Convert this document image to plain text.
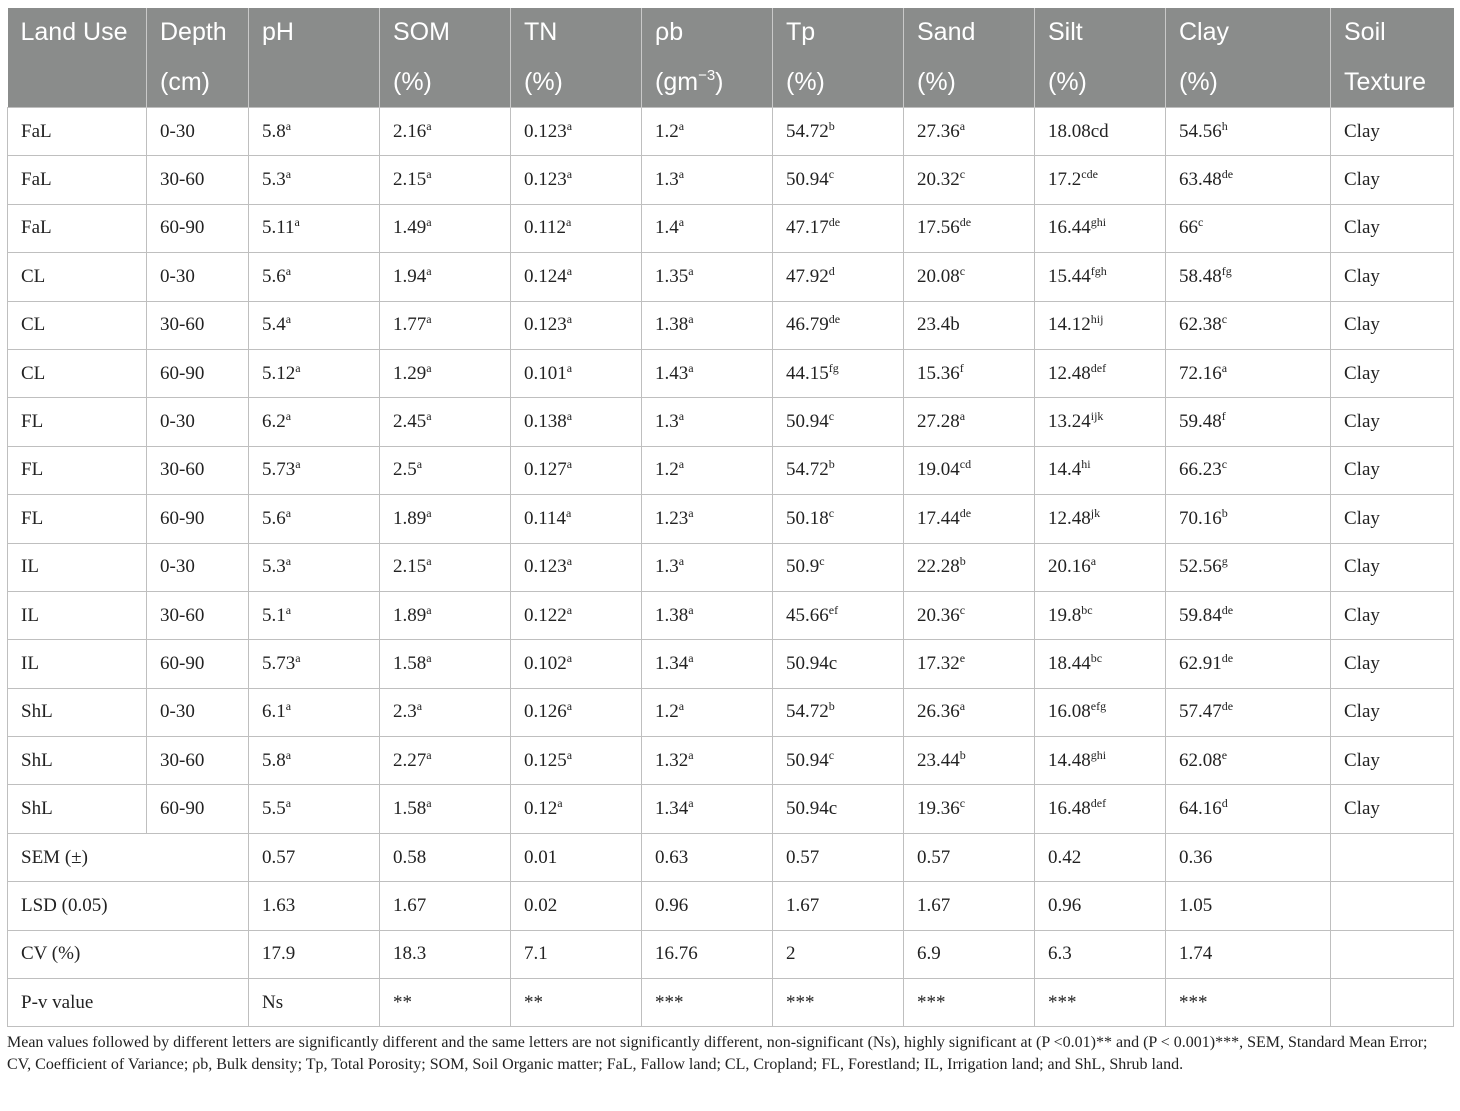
Land Use	Depth	pH	SOM	TN	ρb	Tp	Sand	Silt	Clay	Soil
	(cm)		(%)	(%)	$(gm^{-3})$	(%)	(%)	(%)	(%)	Texture
FaL	0-30	5.8$^a$	2.16$^a$	0.123$^a$	1.2$^a$	54.72$^b$	27.36$^a$	18.08cd	54.56$^h$	Clay
FaL	30-60	5.3$^a$	2.15$^a$	0.123$^a$	1.3$^a$	50.94$^c$	20.32$^c$	17.2$^{cde}$	63.48de	Clay
FaL	60-90	5.11$^a$	1.49$^a$	0.112$^a$	1.4$^a$	47.17de	17.56de	$16.44^{ghi}$	66$^c$	Clay
CL	0-30	5.6$^a$	1.94$^a$	0.124$^a$	1.35$^a$	47.92$^d$	20.08$^c$	15.44$^{fgh}$	58.48$^{fg}$	Clay
CL	30-60	5.4$^a$	1.77$^a$	0.123$^a$	1.38$^a$	46.79de	23.4b	$14.12^{hij}$	62.38$^c$	Clay
CL	60-90	5.12$^a$	1.29$^a$	0.101$^a$	1.43$^a$	44.15$^{fg}$	15.36$^f$	12.48$^{def}$	72.16$^a$	Clay
FL	0-30	6.2$^a$	2.45$^a$	0.138$^a$	1.3$^a$	50.94$^c$	27.28$^a$	$13.24^{ijk}$	59.48$^f$	Clay
FL	30-60	5.73$^a$	2.5$^a$	0.127$^a$	1.2$^a$	54.72$^b$	19.04$^{cd}$	$14.4^{hi}$	66.23$^c$	Clay
FL	60-90	5.6$^a$	1.89$^a$	0.114$^a$	1.23$^a$	50.18$^c$	17.44de	$12.48^{jk}$	70.16$^b$	Clay
IL	0-30	5.3$^a$	2.15$^a$	0.123$^a$	1.3$^a$	50.9$^c$	22.28$^b$	20.16$^a$	52.56$^g$	Clay
IL	30-60	5.1$^a$	1.89$^a$	0.122$^a$	1.38$^a$	45.66$^{ef}$	20.36$^c$	19.8$^{bc}$	59.84de	Clay
IL	60-90	5.73$^a$	1.58$^a$	0.102$^a$	1.34$^a$	50.94c	17.32e	18.44$^{bc}$	62.91de	Clay
ShL	0-30	6.1$^a$	2.3$^a$	0.126$^a$	1.2$^a$	54.72$^b$	26.36$^a$	16.08$^{efg}$	57.47de	Clay
ShL	30-60	5.8$^a$	2.27$^a$	0.125$^a$	1.32$^a$	50.94$^c$	23.44$^b$	$14.48^{ghi}$	62.08e	Clay
ShL	60-90	5.5$^a$	1.58$^a$	0.12$^a$	1.34$^a$	50.94c	19.36$^c$	16.48$^{def}$	64.16$^d$	Clay
SEM (±)		0.57	0.58	0.01	0.63	0.57	0.57	0.42	0.36	
LSD (0.05)		1.63	1.67	0.02	0.96	1.67	1.67	0.96	1.05	
CV (%)		17.9	18.3	7.1	16.76	2	6.9	6.3	1.74	
P-v value		Ns	**	**	***	***	***	***	***	
Mean values followed by different letters are significantly different and the same letters are not significantly different, non-significant (Ns), highly significant at (P <0.01)** and (P < 0.001)***, SEM, Standard Mean Error; CV, Coefficient of Variance; ρb, Bulk density; Tp, Total Porosity; SOM, Soil Organic matter; FaL, Fallow land; CL, Cropland; FL, Forestland; IL, Irrigation land; and ShL, Shrub land.
